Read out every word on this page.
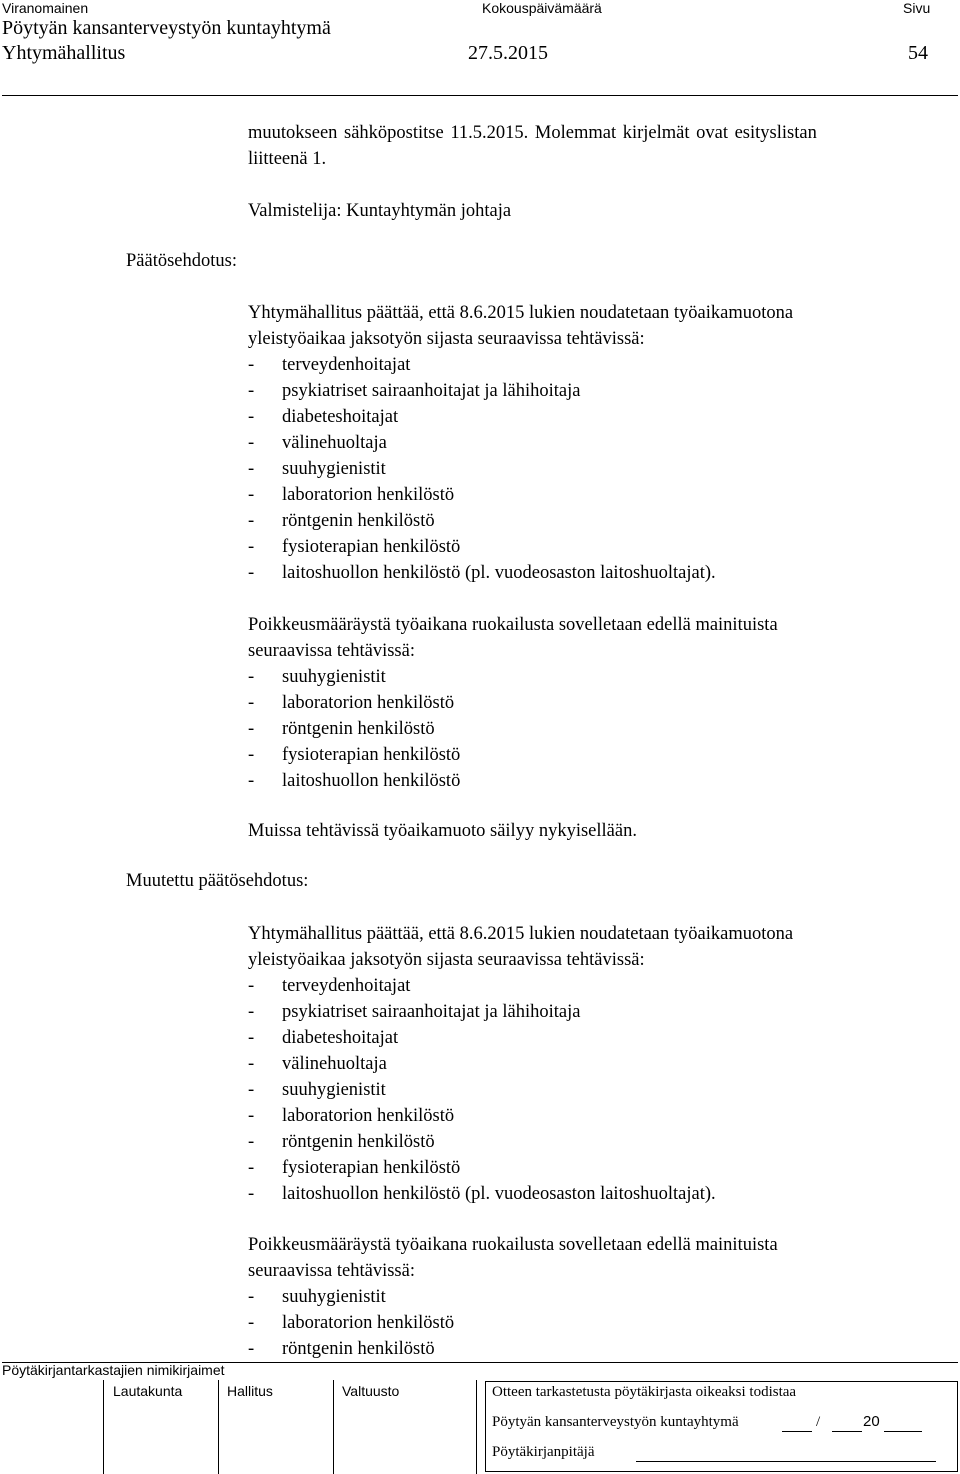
Viranomainen	Kokouspäivämäärä	Sivu
Pöytyän kansanterveystyön kuntayhtymä
Yhtymähallitus	27.5.2015	54
muutokseen sähköpostitse 11.5.2015. Molemmat kirjelmät ovat esityslistan
liitteenä 1.
Valmistelija: Kuntayhtymän johtaja
Päätösehdotus:
Muutettu päätösehdotus:
Yhtymähallitus päättää, että 8.6.2015 lukien noudatetaan työaikamuotona
yleistyöaikaa jaksotyön sijasta seuraavissa tehtävissä:
- terveydenhoitajat
- psykiatriset sairaanhoitajat ja lähihoitaja
- diabeteshoitajat
- välinehuoltaja
- suuhygienistit
- laboratorion henkilöstö
- röntgenin henkilöstö
- fysioterapian henkilöstö
- laitoshuollon henkilöstö (pl. vuodeosaston laitoshuoltajat).
Poikkeusmääräystä työaikana ruokailusta sovelletaan edellä mainituista
seuraavissa tehtävissä:
- suuhygienistit
- laboratorion henkilöstö
- röntgenin henkilöstö
- fysioterapian henkilöstö
- laitoshuollon henkilöstö
Muissa tehtävissä työaikamuoto säilyy nykyisellään.
Yhtymähallitus päättää, että 8.6.2015 lukien noudatetaan työaikamuotona
yleistyöaikaa jaksotyön sijasta seuraavissa tehtävissä:
- terveydenhoitajat
- psykiatriset sairaanhoitajat ja lähihoitaja
- diabeteshoitajat
- välinehuoltaja
- suuhygienistit
- laboratorion henkilöstö
- röntgenin henkilöstö
- fysioterapian henkilöstö
- laitoshuollon henkilöstö (pl. vuodeosaston laitoshuoltajat).
Poikkeusmääräystä työaikana ruokailusta sovelletaan edellä mainituista
seuraavissa tehtävissä:
- suuhygienistit
- laboratorion henkilöstö
- röntgenin henkilöstö
Pöytäkirjantarkastajien nimikirjaimet
Lautakunta	Hallitus	Valtuusto	Otteen tarkastetusta pöytäkirjasta oikeaksi todistaa
Pöytyän kansanterveystyön kuntayhtymä	/	20
Pöytäkirjanpitäjä
